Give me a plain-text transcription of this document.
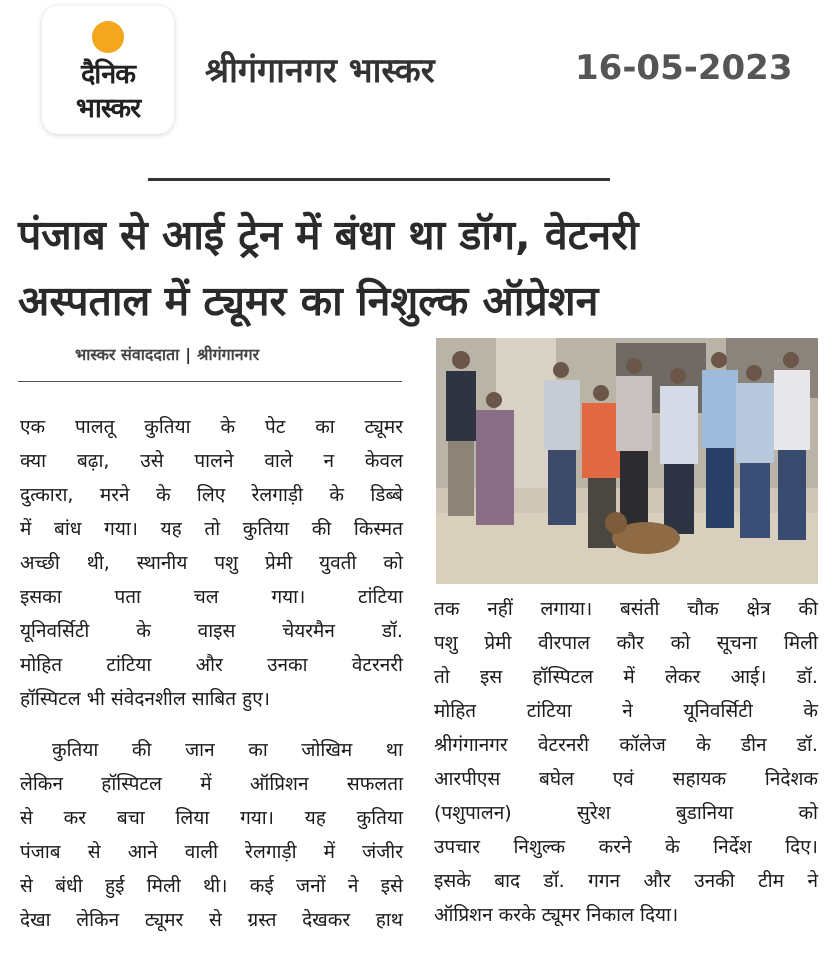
दैनिक
भास्कर
श्रीगंगानगर भास्कर	16-05-2023
पंजाब से आई ट्रेन में बंधा था डॉग, वेटनरी
अस्पताल में ट्यूमर का निशुल्क ऑप्रेशन
भास्कर संवाददाता | श्रीगंगानगर
एक पालतू कुतिया के पेट का ट्यूमर
क्या बढ़ा, उसे पालने वाले न केवल
दुत्कारा, मरने के लिए रेलगाड़ी के डिब्बे
में बांध गया। यह तो कुतिया की किस्मत
अच्छी थी, स्थानीय पशु प्रेमी युवती को
इसका	पता	चल	गया।	टांटिया
यूनिवर्सिटी के वाइस चेयरमैन डॉ.
मोहित टांटिया और उनका वेटरनरी
हॉस्पिटल भी संवेदनशील साबित हुए।
कुतिया की जान का जोखिम था
लेकिन हॉस्पिटल में ऑप्रिशन सफलता
से कर बचा लिया गया। यह कुतिया
पंजाब से आने वाली रेलगाड़ी में जंजीर
से बंधी हुई मिली थी। कई जनों ने इसे
देखा लेकिन ट्यूमर से ग्रस्त देखकर हाथ
तक नहीं लगाया। बसंती चौक क्षेत्र की
पशु प्रेमी वीरपाल कौर को सूचना मिली
तो इस हॉस्पिटल में लेकर आई। डॉ.
मोहित	टांटिया	ने	यूनिवर्सिटी	के
श्रीगंगानगर वेटरनरी कॉलेज के डीन डॉ.
आरपीएस बघेल एवं सहायक निदेशक
(पशुपालन)	सुरेश	बुडानिया	को
उपचार निशुल्क करने के निर्देश दिए।
इसके बाद डॉ. गगन और उनकी टीम ने
ऑप्रिशन करके ट्यूमर निकाल दिया।
